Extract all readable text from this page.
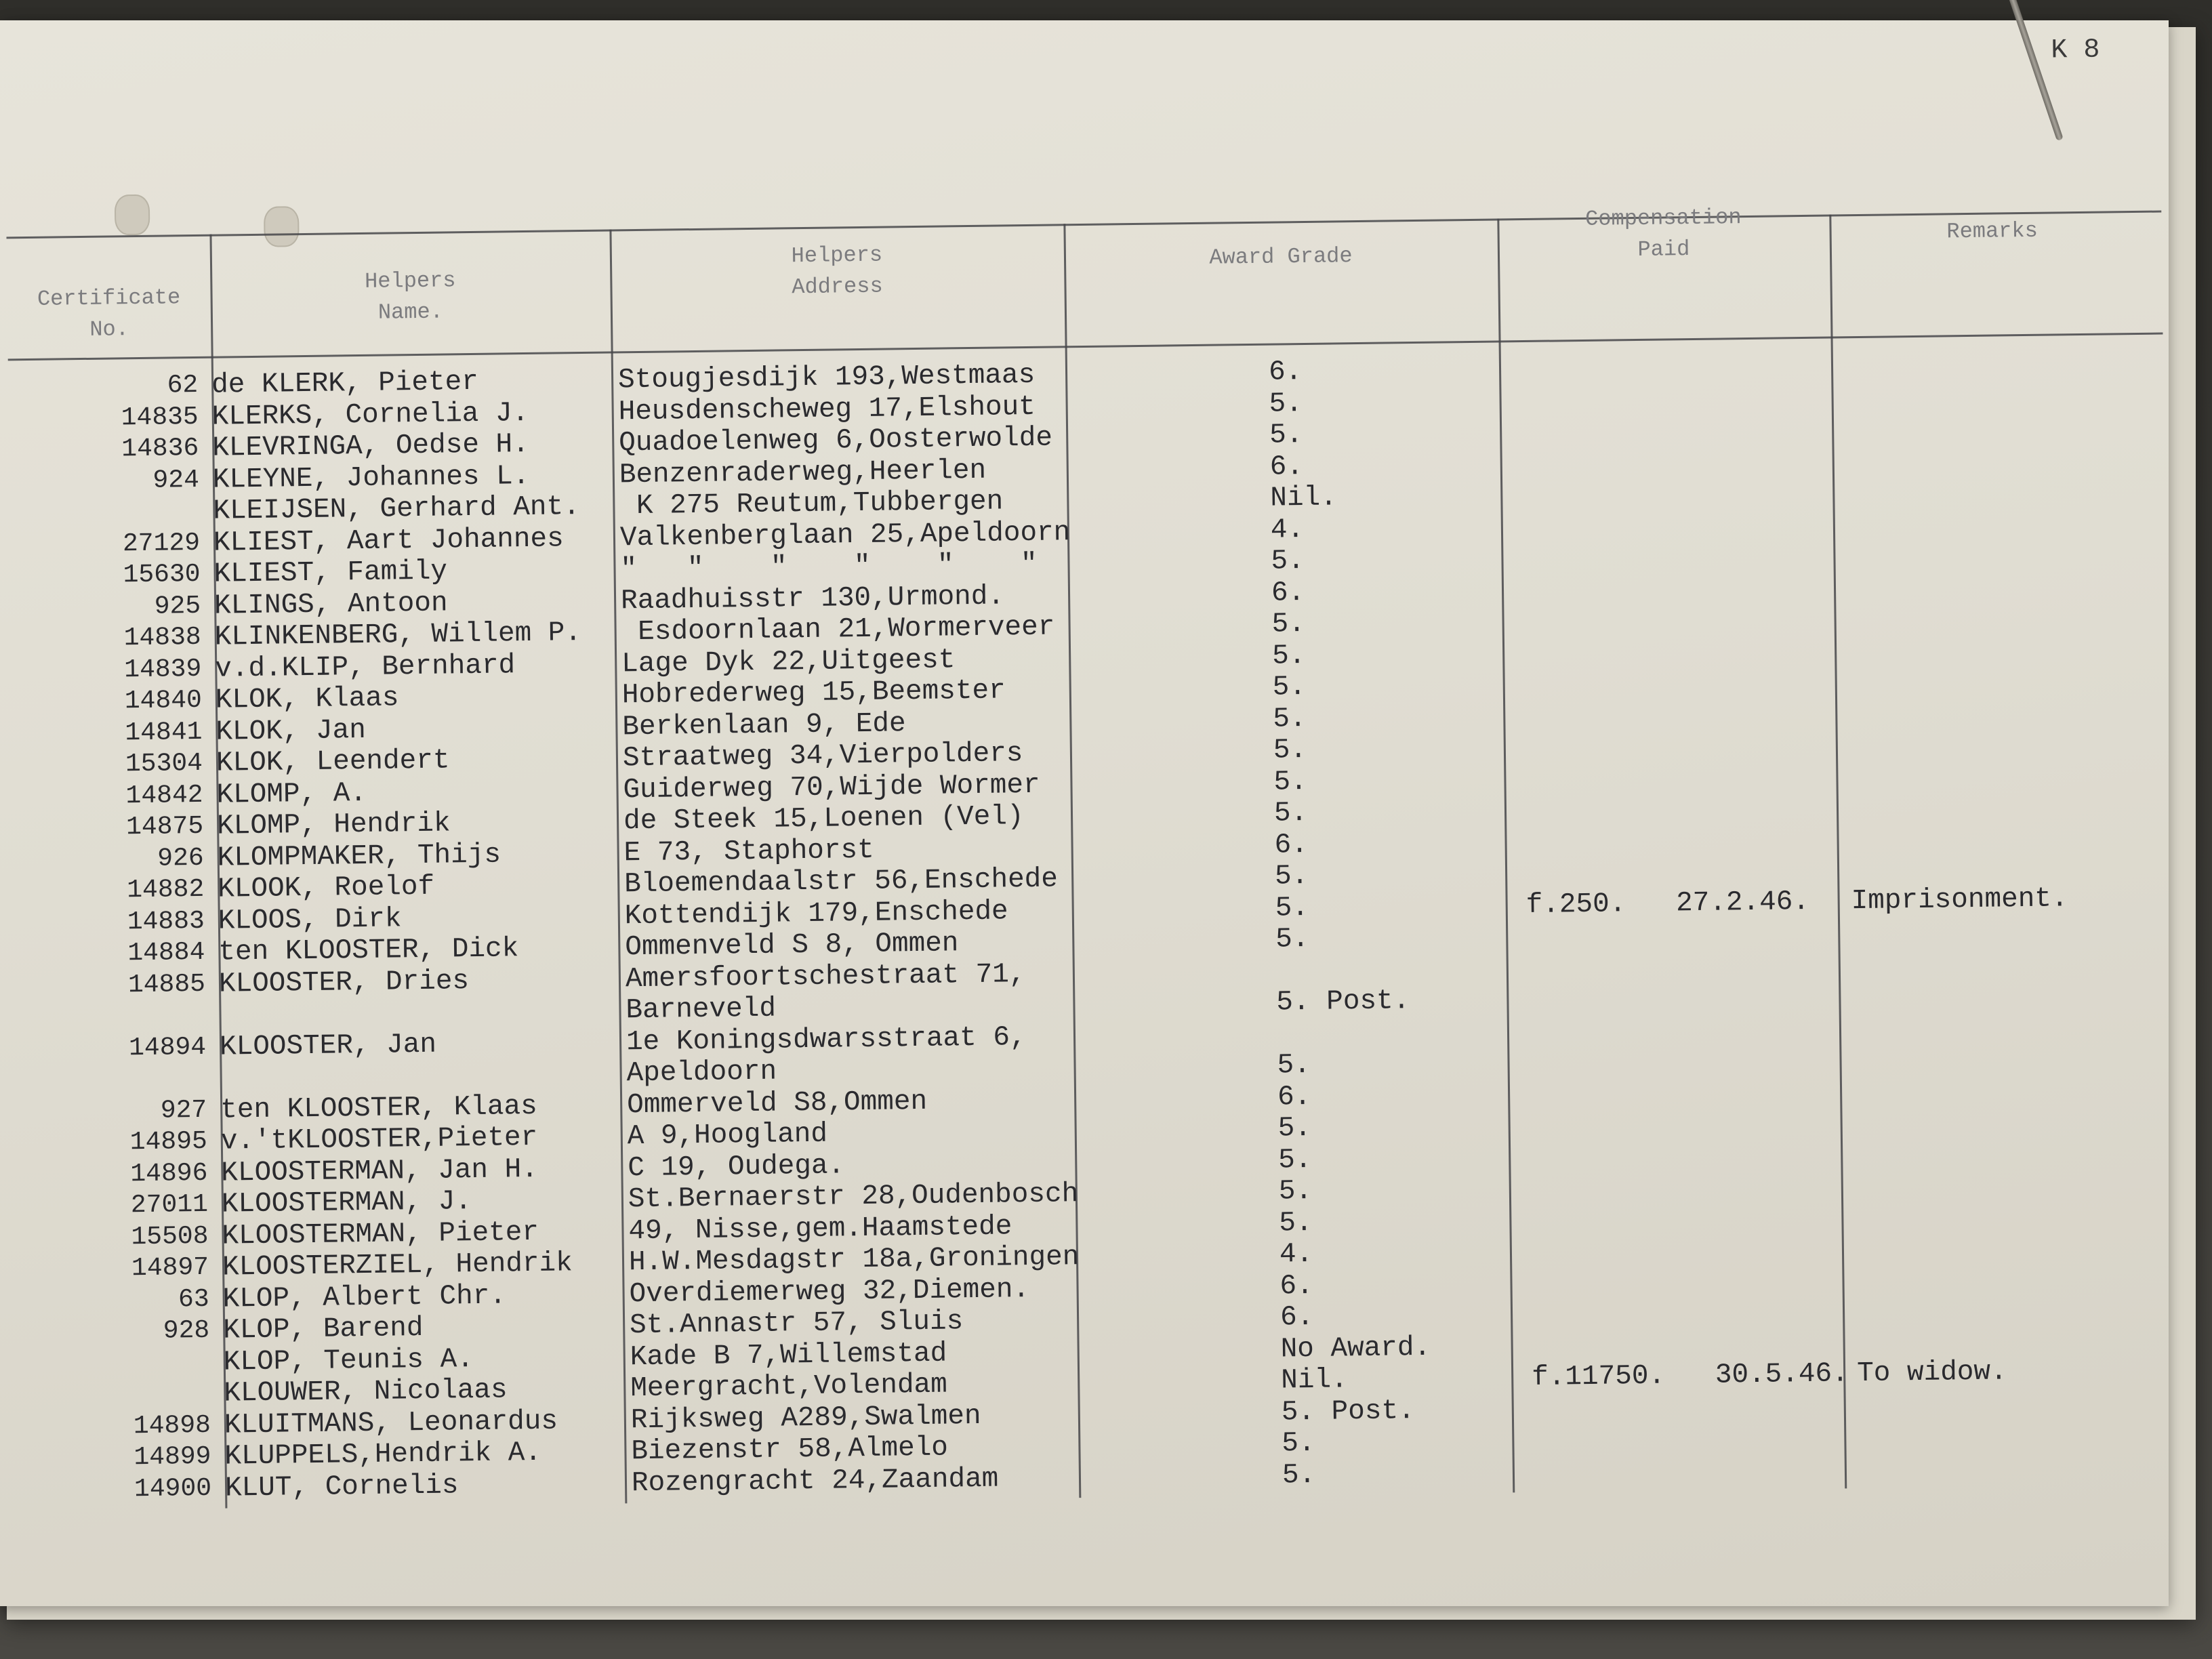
K 8
Certificate
No.
Helpers
Name.
Helpers
Address
Award Grade
Compensation
Paid
Remarks
62
14835
14836
924
27129
15630
925
14838
14839
14840
14841
15304
14842
14875
926
14882
14883
14884
14885
14894
927
14895
14896
27011
15508
14897
63
928
14898
14899
14900
de KLERK, Pieter
KLERKS, Cornelia J.
KLEVRINGA, Oedse H.
KLEYNE, Johannes L.
KLEIJSEN, Gerhard Ant.
KLIEST, Aart Johannes
KLIEST, Family
KLINGS, Antoon
KLINKENBERG, Willem P.
v.d.KLIP, Bernhard
KLOK, Klaas
KLOK, Jan
KLOK, Leendert
KLOMP, A.
KLOMP, Hendrik
KLOMPMAKER, Thijs
KLOOK, Roelof
KLOOS, Dirk
ten KLOOSTER, Dick
KLOOSTER, Dries
KLOOSTER, Jan
ten KLOOSTER, Klaas
v.'tKLOOSTER,Pieter
KLOOSTERMAN, Jan H.
KLOOSTERMAN, J.
KLOOSTERMAN, Pieter
KLOOSTERZIEL, Hendrik
KLOP, Albert Chr.
KLOP, Barend
KLOP, Teunis A.
KLOUWER, Nicolaas
KLUITMANS, Leonardus
KLUPPELS,Hendrik A.
KLUT, Cornelis
Stougjesdijk 193,Westmaas
Heusdenscheweg 17,Elshout
Quadoelenweg 6,Oosterwolde
Benzenraderweg,Heerlen
K 275 Reutum,Tubbergen
Valkenberglaan 25,Apeldoorn
"   "    "    "    "    "
Raadhuisstr 130,Urmond.
Esdoornlaan 21,Wormerveer
Lage Dyk 22,Uitgeest
Hobrederweg 15,Beemster
Berkenlaan 9, Ede
Straatweg 34,Vierpolders
Guiderweg 70,Wijde Wormer
de Steek 15,Loenen (Vel)
E 73, Staphorst
Bloemendaalstr 56,Enschede
Kottendijk 179,Enschede
Ommenveld S 8, Ommen
Amersfoortschestraat 71,
Barneveld
1e Koningsdwarsstraat 6,
Apeldoorn
Ommerveld S8,Ommen
A 9,Hoogland
C 19, Oudega.
St.Bernaerstr 28,Oudenbosch
49, Nisse,gem.Haamstede
H.W.Mesdagstr 18a,Groningen
Overdiemerweg 32,Diemen.
St.Annastr 57, Sluis
Kade B 7,Willemstad
Meergracht,Volendam
Rijksweg A289,Swalmen
Biezenstr 58,Almelo
Rozengracht 24,Zaandam
6.
5.
5.
6.
Nil.
4.
5.
6.
5.
5.
5.
5.
5.
5.
5.
6.
5.
5.
5.
5. Post.
5.
6.
5.
5.
5.
5.
4.
6.
6.
No Award.
Nil.
5. Post.
5.
5.
f.250.   27.2.46.
f.11750.   30.5.46.
Imprisonment.
To widow.
